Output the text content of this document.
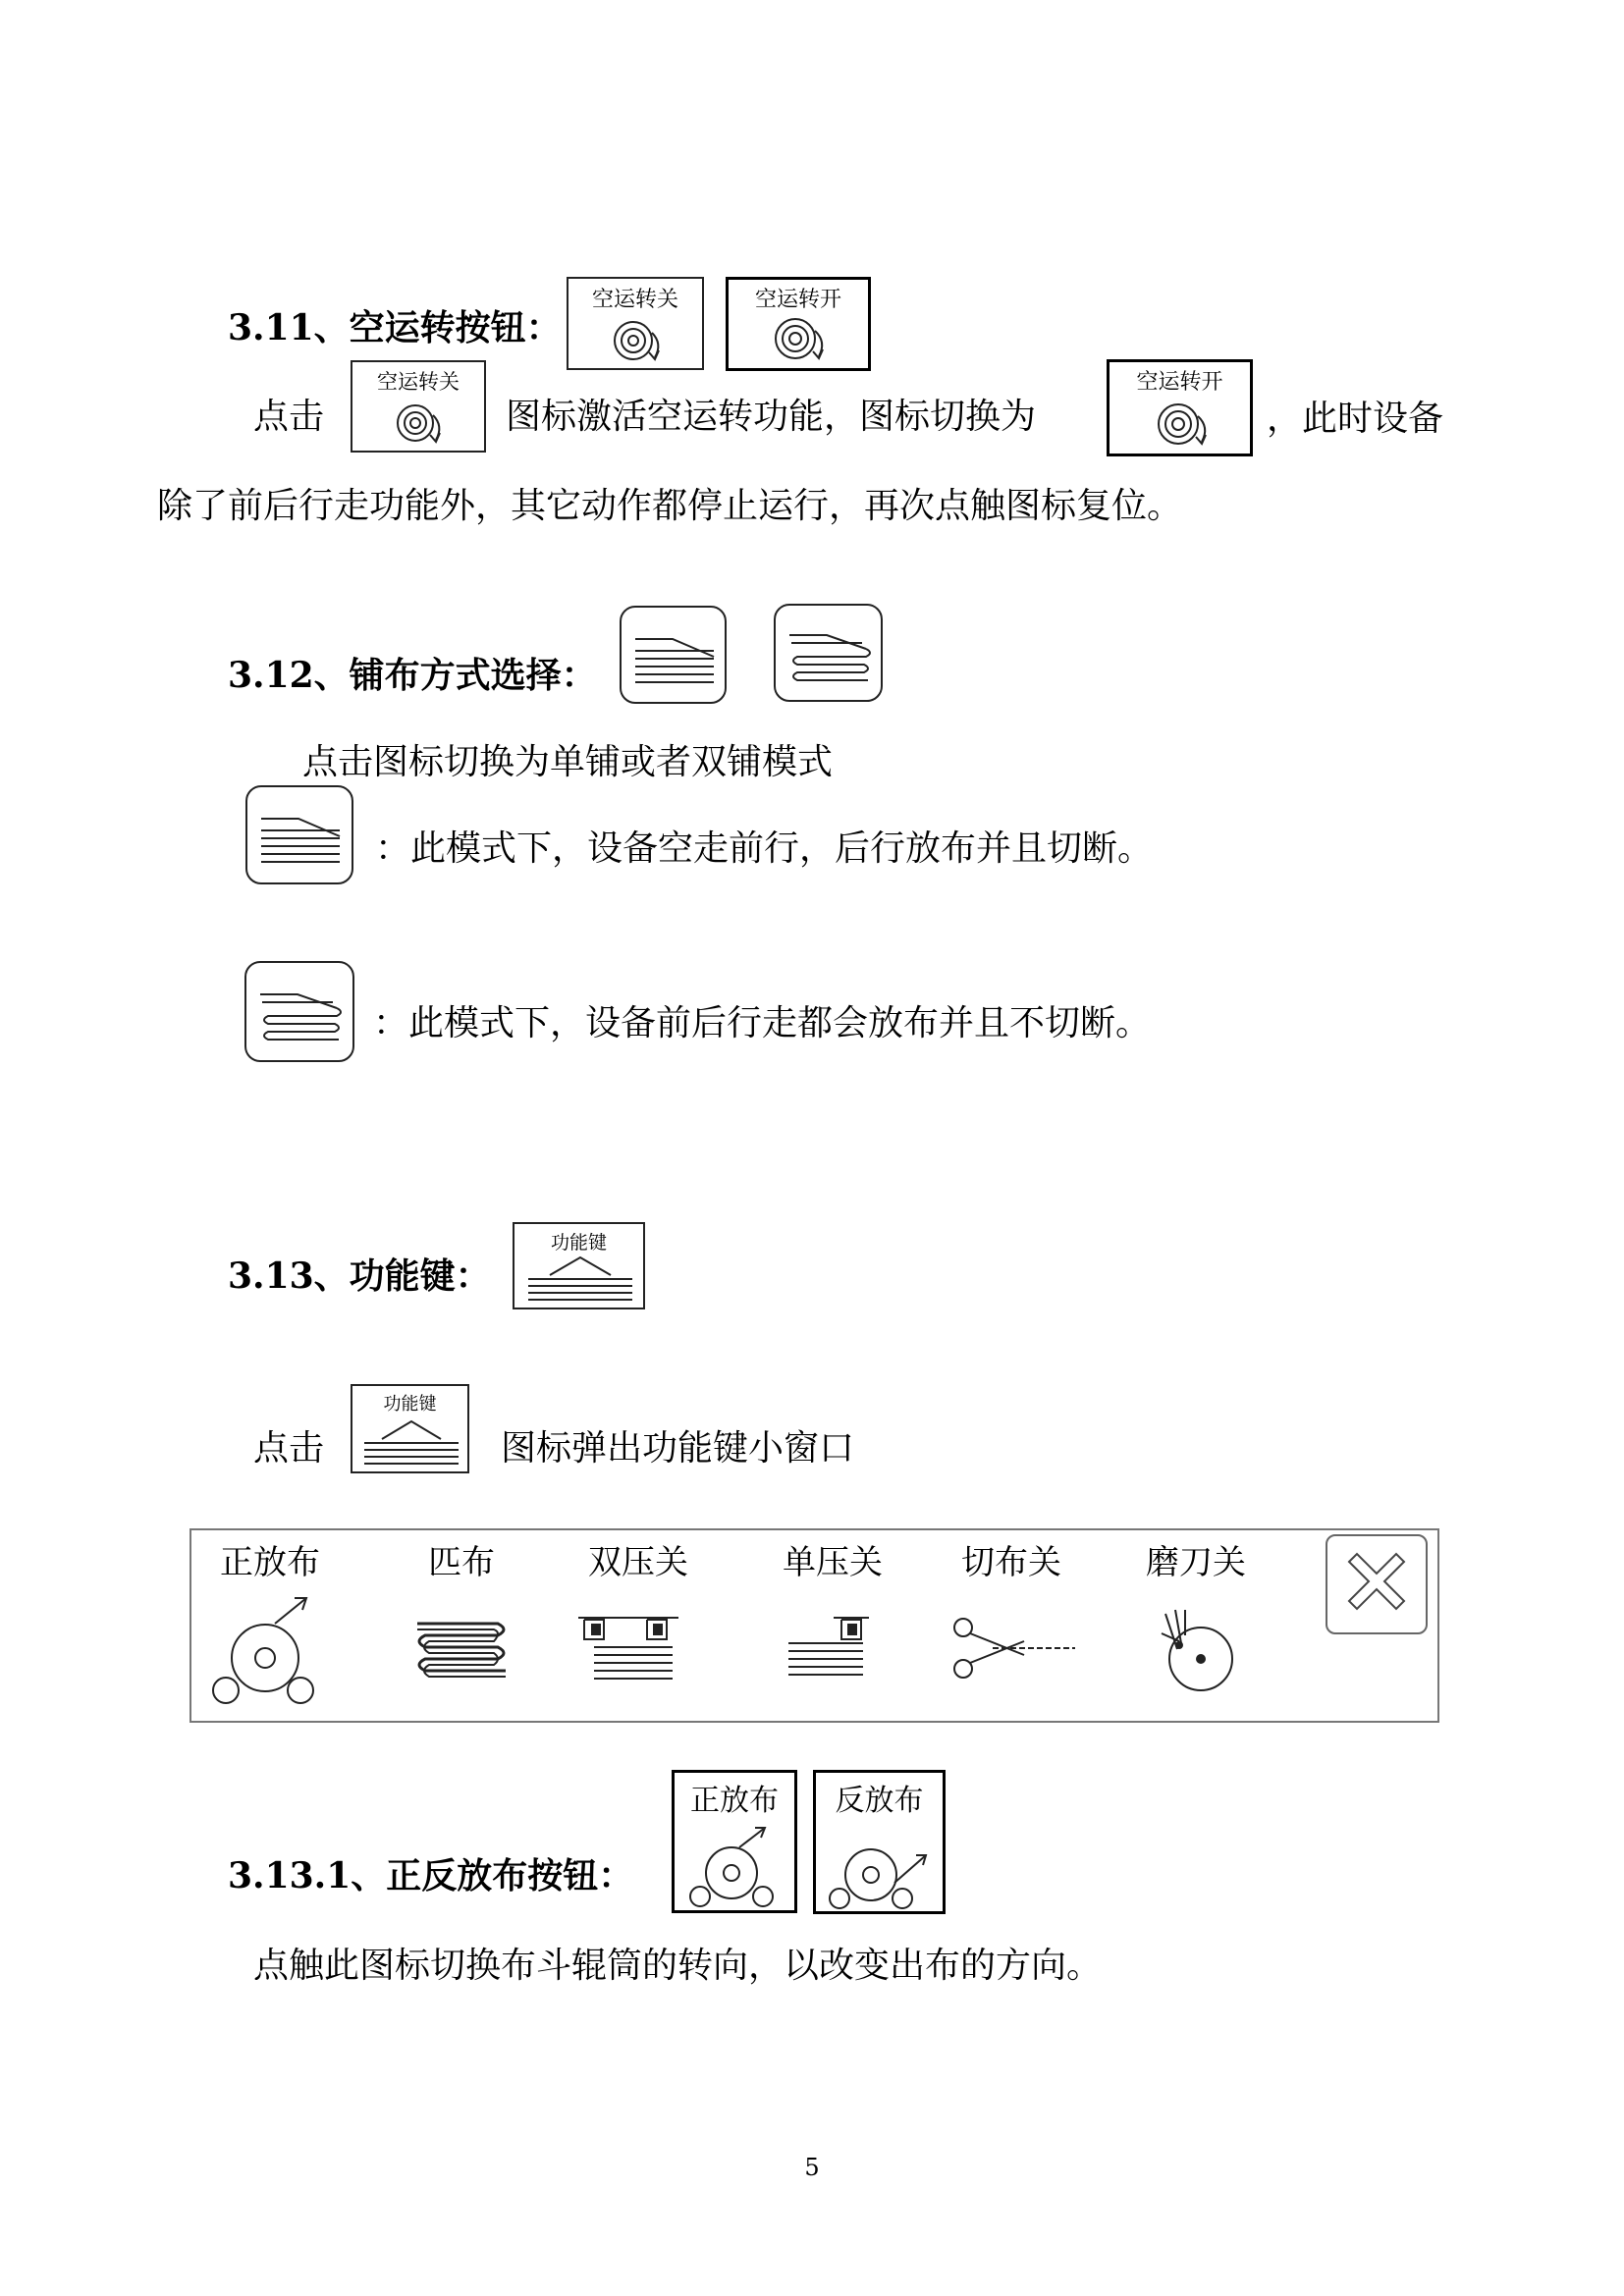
3.11、空运转按钮：
空运转关	空运转开
点击
空运转关
图标激活空运转功能，图标切换为
空运转开
，此时设备
除了前后行走功能外，其它动作都停止运行，再次点触图标复位。
3.12、铺布方式选择：
点击图标切换为单铺或者双铺模式
：此模式下，设备空走前行，后行放布并且切断。
：此模式下，设备前后行走都会放布并且不切断。
3.13、功能键：
功能键
点击
功能键
图标弹出功能键小窗口
正放布	匹布	双压关	单压关	切布关	磨刀关
3.13.1、正反放布按钮：
正放布	反放布
点触此图标切换布斗辊筒的转向，以改变出布的方向。
5
